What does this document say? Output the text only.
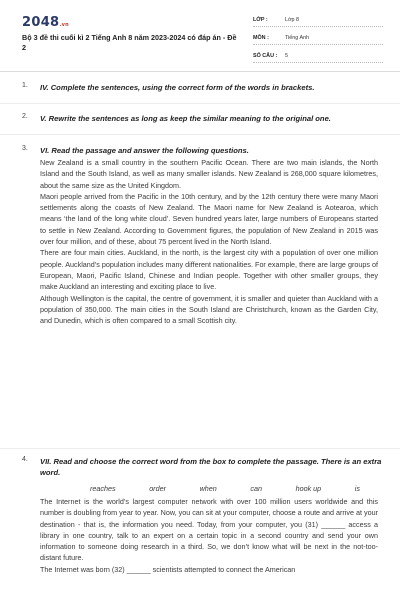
2048.vn
Bộ 3 đề thi cuối kì 2 Tiếng Anh 8 năm 2023-2024 có đáp án - Đề 2
LỚP :	Lớp 8
MÔN :	Tiếng Anh
SỐ CÂU : 5
1. IV. Complete the sentences, using the correct form of the words in brackets.
2. V. Rewrite the sentences as long as keep the similar meaning to the original one.
3. VI. Read the passage and answer the following questions.

New Zealand is a small country in the southern Pacific Ocean. There are two main islands, the North Island and the South Island, as well as many smaller islands. New Zealand is 268,000 square kilometres, about the same size as the United Kingdom.

Maori people arrived from the Pacific in the 10th century, and by the 12th century there were many Maori settlements along the coasts of New Zealand. The Maori name for New Zealand is Aotearoa, which means ‘the land of the long white cloud’. Seven hundred years later, large numbers of Europeans started to settle in New Zealand. According to Government figures, the population of New Zealand in 2015 was over four million, and of these, about 75 percent lived in the North Island.

There are four main cities. Auckland, in the north, is the largest city with a population of over one million people. Auckland’s population includes many different nationalities. For example, there are large groups of European, Maori, Pacific Island, Chinese and Indian people. Together with other smaller groups, they make Auckland an interesting and exciting place to live.

Although Wellington is the capital, the centre of government, it is smaller and quieter than Auckland with a population of 350,000. The main cities in the South Island are Christchurch, known as the Garden City, and Dunedin, which is often compared to a small Scottish city.

4. VII. Read and choose the correct word from the box to complete the passage. There is an extra word.
reaches	order	when	can	hook up	is

The Internet is the world’s largest computer network with over 100 million users worldwide and this number is doubling from year to year. Now, you can sit at your computer, choose a route and arrive at your destination - that is, the information you need. Today, from your computer, you (31) ______ access a library in one country, talk to an expert on a certain topic in a second country and send your own information to someone doing research in a third. So, we don’t know what will be next in the not-too-distant future.

The Internet was born (32) ______ scientists attempted to connect the American
